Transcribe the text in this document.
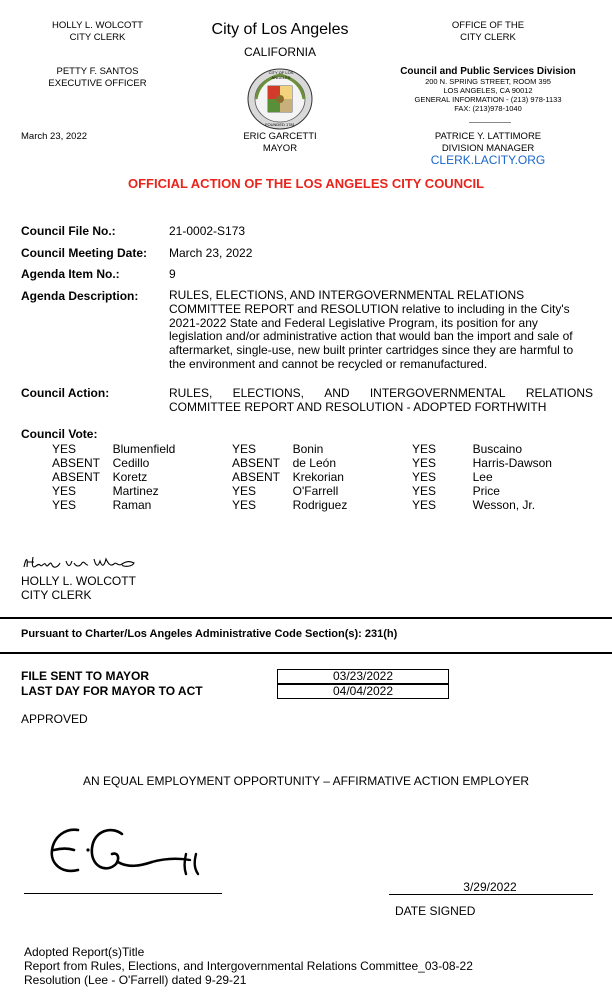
HOLLY L. WOLCOTT
CITY CLERK
PETTY F. SANTOS
EXECUTIVE OFFICER
March 23, 2022
City of Los Angeles
CALIFORNIA
CITY OF LOS ANGELES
FOUNDED 1781
ERIC GARCETTI
MAYOR
OFFICE OF THE
CITY CLERK
Council and Public Services Division
200 N. SPRING STREET, ROOM 395
LOS ANGELES, CA 90012
GENERAL INFORMATION - (213) 978-1133
FAX: (213)978-1040
PATRICE Y. LATTIMORE
DIVISION MANAGER
CLERK.LACITY.ORG
OFFICIAL ACTION OF THE LOS ANGELES CITY COUNCIL
Council File No.:	21-0002-S173
Council Meeting Date: March 23, 2022
Agenda Item No.:	9
Agenda Description:	RULES, ELECTIONS, AND INTERGOVERNMENTAL RELATIONS
COMMITTEE REPORT and RESOLUTION relative to including in the City's
2021-2022 State and Federal Legislative Program, its position for any
legislation and/or administrative action that would ban the import and sale of
aftermarket, single-use, new built printer cartridges since they are harmful to
the environment and cannot be recycled or remanufactured.
Council Action:	RULES, ELECTIONS, AND INTERGOVERNMENTAL RELATIONS
COMMITTEE REPORT AND RESOLUTION - ADOPTED FORTHWITH
Council Vote:
YES	Blumenfield	YES	Bonin	YES	Buscaino
ABSENT	Cedillo	ABSENT	de León	YES	Harris-Dawson
ABSENT	Koretz	ABSENT	Krekorian	YES	Lee
YES	Martinez	YES	O'Farrell	YES	Price
YES	Raman	YES	Rodriguez	YES	Wesson, Jr.
HOLLY L. WOLCOTT
CITY CLERK
Pursuant to Charter/Los Angeles Administrative Code Section(s): 231(h)
FILE SENT TO MAYOR	03/23/2022
LAST DAY FOR MAYOR TO ACT	04/04/2022
APPROVED
AN EQUAL EMPLOYMENT OPPORTUNITY – AFFIRMATIVE ACTION EMPLOYER
3/29/2022
DATE SIGNED
Adopted Report(s)Title
Report from Rules, Elections, and Intergovernmental Relations Committee_03-08-22
Resolution (Lee - O'Farrell) dated 9-29-21
